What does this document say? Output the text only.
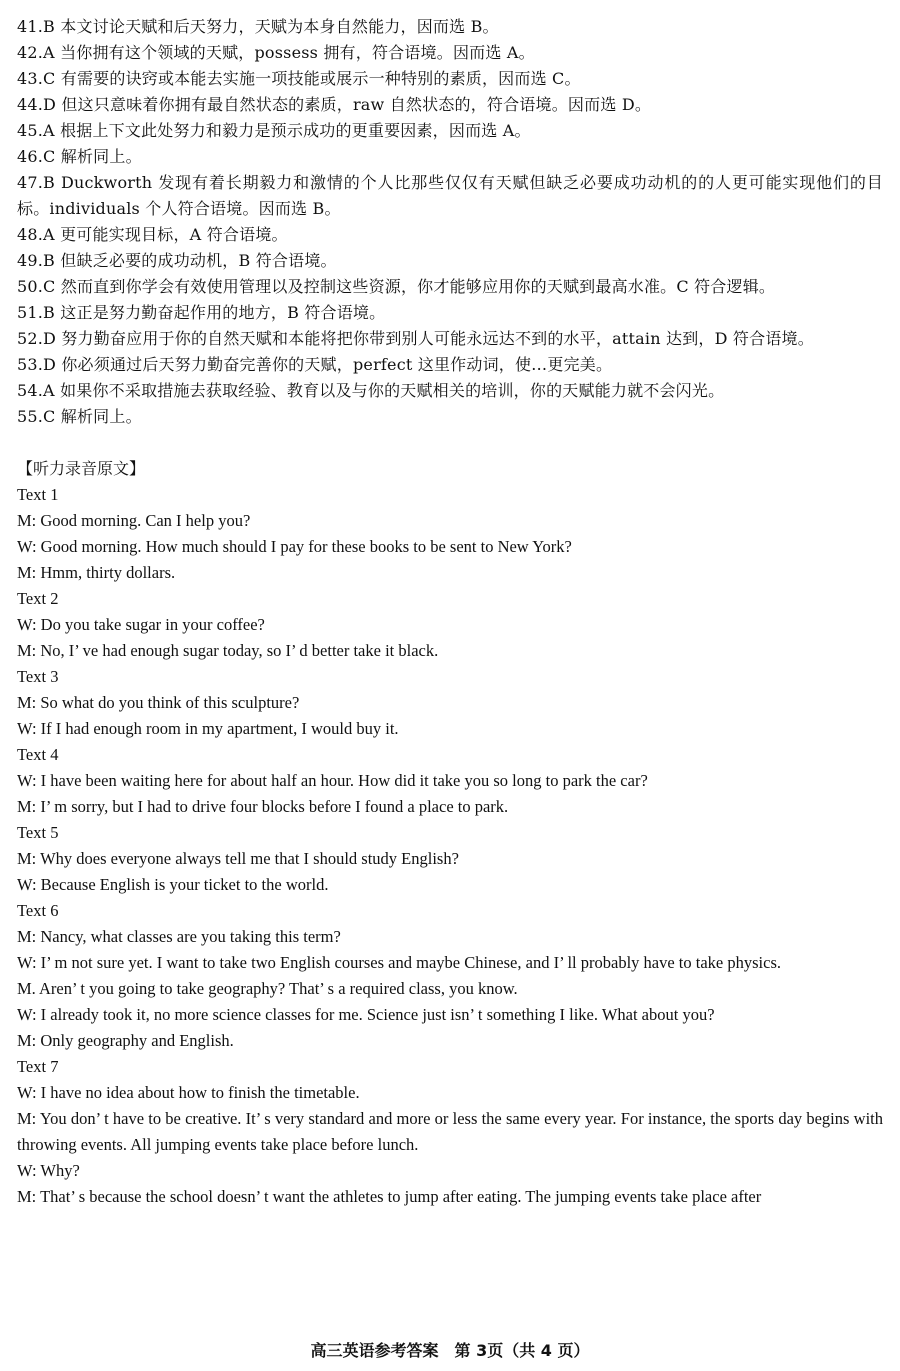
41.B 本文讨论天赋和后天努力，天赋为本身自然能力，因而选 B。
42.A 当你拥有这个领域的天赋，possess 拥有，符合语境。因而选 A。
43.C 有需要的诀窍或本能去实施一项技能或展示一种特别的素质，因而选 C。
44.D 但这只意味着你拥有最自然状态的素质，raw 自然状态的，符合语境。因而选 D。
45.A 根据上下文此处努力和毅力是预示成功的更重要因素，因而选 A。
46.C 解析同上。
47.B Duckworth 发现有着长期毅力和激情的个人比那些仅仅有天赋但缺乏必要成功动机的的人更可能实现他们的目标。individuals 个人符合语境。因而选 B。
48.A 更可能实现目标，A 符合语境。
49.B 但缺乏必要的成功动机，B 符合语境。
50.C 然而直到你学会有效使用管理以及控制这些资源，你才能够应用你的天赋到最高水准。C 符合逻辑。
51.B 这正是努力勤奋起作用的地方，B 符合语境。
52.D 努力勤奋应用于你的自然天赋和本能将把你带到别人可能永远达不到的水平，attain 达到，D 符合语境。
53.D 你必须通过后天努力勤奋完善你的天赋，perfect 这里作动词，使…更完美。
54.A 如果你不采取措施去获取经验、教育以及与你的天赋相关的培训，你的天赋能力就不会闪光。
55.C 解析同上。
【听力录音原文】
Text 1
M: Good morning. Can I help you?
W: Good morning. How much should I pay for these books to be sent to New York?
M: Hmm, thirty dollars.
Text 2
W: Do you take sugar in your coffee?
M: No, I’ ve had enough sugar today, so I’ d better take it black.
Text 3
M: So what do you think of this sculpture?
W: If I had enough room in my apartment, I would buy it.
Text 4
W: I have been waiting here for about half an hour. How did it take you so long to park the car?
M: I’ m sorry, but I had to drive four blocks before I found a place to park.
Text 5
M: Why does everyone always tell me that I should study English?
W: Because English is your ticket to the world.
Text 6
M: Nancy, what classes are you taking this term?
W: I’ m not sure yet. I want to take two English courses and maybe Chinese, and I’ ll probably have to take physics.
M. Aren’ t you going to take geography? That’ s a required class, you know.
W: I already took it, no more science classes for me. Science just isn’ t something I like. What about you?
M: Only geography and English.
Text 7
W: I have no idea about how to finish the timetable.
M: You don’ t have to be creative. It’ s very standard and more or less the same every year. For instance, the sports day begins with throwing events. All jumping events take place before lunch.
W: Why?
M: That’ s because the school doesn’ t want the athletes to jump after eating. The jumping events take place after
高三英语参考答案　第 3页（共 4 页）
